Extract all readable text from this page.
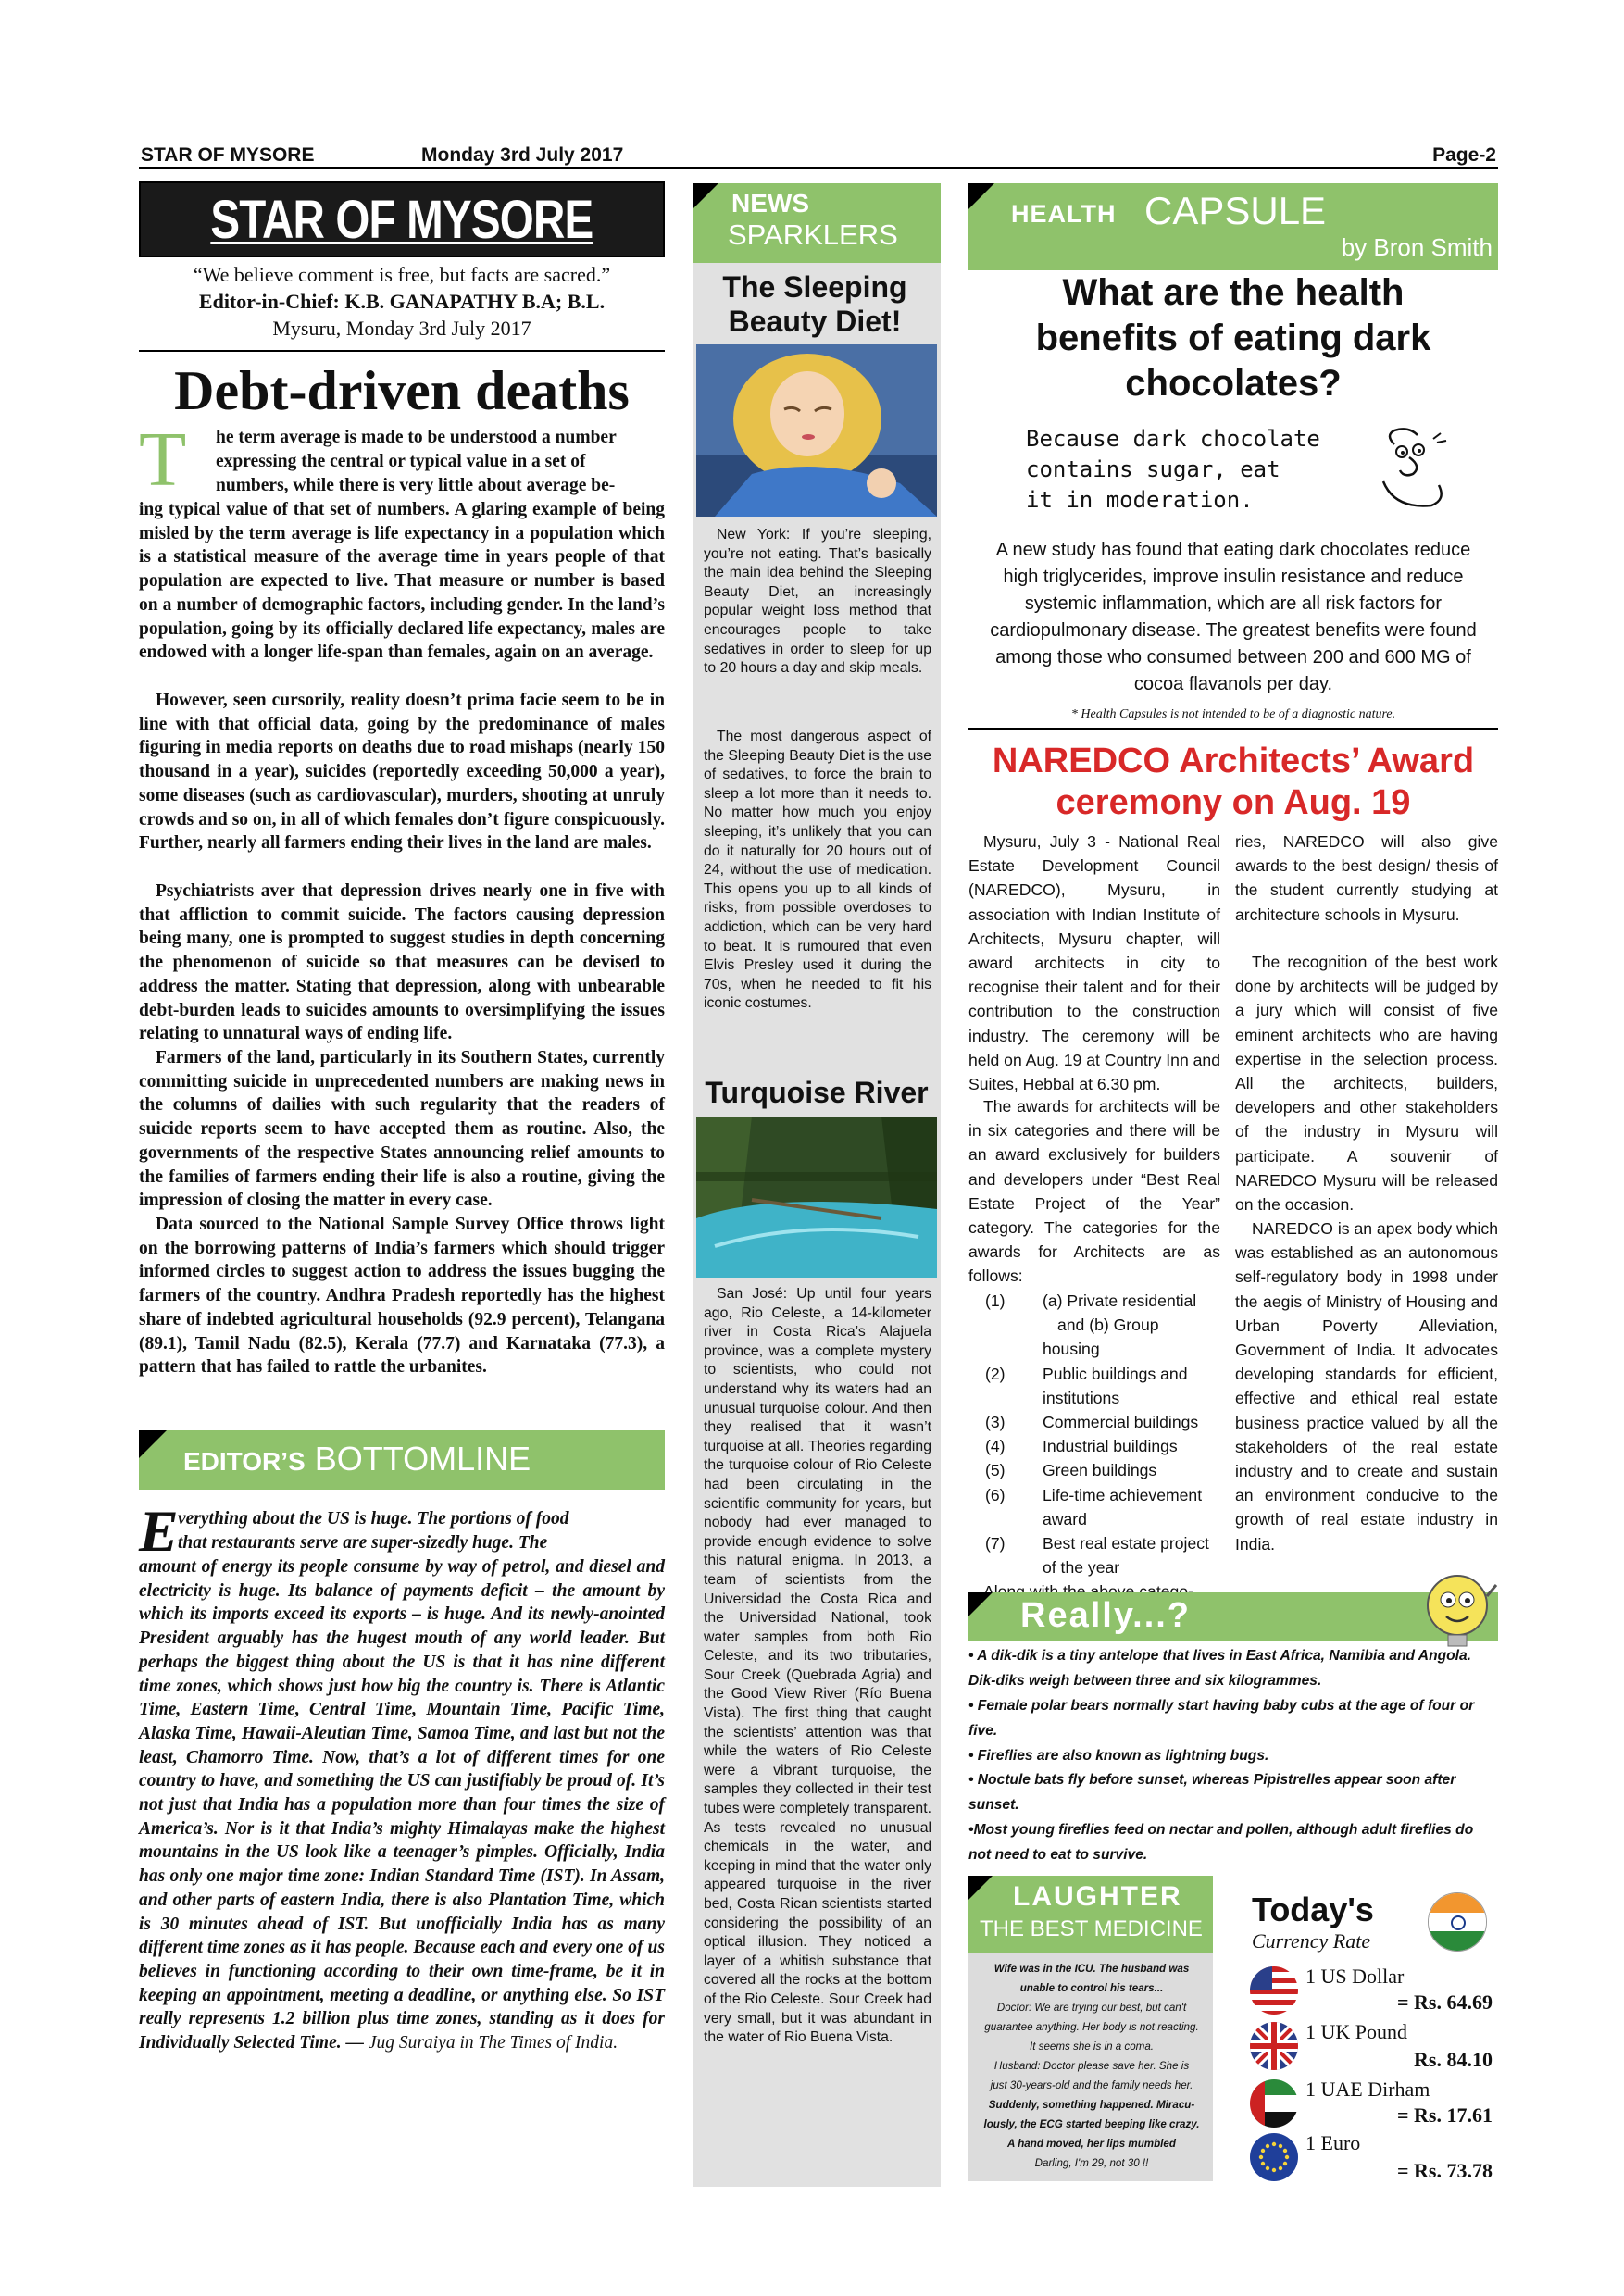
STAR OF MYSORE	Monday 3rd July 2017	Page-2
STAR OF MYSORE
“We believe comment is free, but facts are sacred.”
Editor-in-Chief: K.B. GANAPATHY B.A; B.L.
Mysuru, Monday 3rd July 2017
Debt-driven deaths
T he term average is made to be understood a number
expressing the central or typical value in a set of
numbers, while there is very little about average be-

ing typical value of that set of numbers. A glaring example of being misled by the term average is life expectancy in a population which is a statistical measure of the average time in years people of that population are expected to live. That measure or number is based on a number of demographic factors, including gender. In the land’s population, going by its officially declared life expectancy, males are endowed with a longer life-span than females, again on an average.

However, seen cursorily, reality doesn’t prima facie seem to be in line with that official data, going by the predominance of males figuring in media reports on deaths due to road mishaps (nearly 150 thousand in a year), suicides (reportedly exceeding 50,000 a year), some diseases (such as cardiovascular), murders, shooting at unruly crowds and so on, in all of which females don’t figure conspicuously. Further, nearly all farmers ending their lives in the land are males.

Psychiatrists aver that depression drives nearly one in five with that affliction to commit suicide. The factors causing depression being many, one is prompted to suggest studies in depth concerning the phenomenon of suicide so that measures can be devised to address the matter. Stating that depression, along with unbearable debt-burden leads to suicides amounts to oversimplifying the issues relating to unnatural ways of ending life.

Farmers of the land, particularly in its Southern States, currently committing suicide in unprecedented numbers are making news in the columns of dailies with such regularity that the readers of suicide reports seem to have accepted them as routine. Also, the governments of the respective States announcing relief amounts to the families of farmers ending their life is also a routine, giving the impression of closing the matter in every case.

Data sourced to the National Sample Survey Office throws light on the borrowing patterns of India’s farmers which should trigger informed circles to suggest action to address the issues bugging the farmers of the country. Andhra Pradesh reportedly has the highest share of indebted agricultural households (92.9 percent), Telangana (89.1), Tamil Nadu (82.5), Kerala (77.7) and Karnataka (77.3), a pattern that has failed to rattle the urbanites.

EDITOR’S BOTTOMLINE
E verything about the US is huge. The portions of food
that restaurants serve are super-sizedly huge. The

amount of energy its people consume by way of petrol, and diesel and electricity is huge. Its balance of payments deficit – the amount by which its imports exceed its exports – is huge. And its newly-anointed President arguably has the hugest mouth of any world leader. But perhaps the biggest thing about the US is that it has nine different time zones, which shows just how big the country is. There is Atlantic Time, Eastern Time, Central Time, Mountain Time, Pacific Time, Alaska Time, Hawaii-Aleutian Time, Samoa Time, and last but not the least, Chamorro Time. Now, that’s a lot of different times for one country to have, and something the US can justifiably be proud of. It’s not just that India has a population more than four times the size of America’s. Nor is it that India’s mighty Himalayas make the highest mountains in the US look like a teenager’s pimples. Officially, India has only one major time zone: Indian Standard Time (IST). In Assam, and other parts of eastern India, there is also Plantation Time, which is 30 minutes ahead of IST. But unofficially India has as many different time zones as it has people. Because each and every one of us believes in functioning according to their own time-frame, be it in keeping an appointment, meeting a deadline, or anything else. So IST really represents 1.2 billion plus time zones, standing as it does for Individually Selected Time. — Jug Suraiya in The Times of India.

NEWS
SPARKLERS
The Sleeping Beauty Diet!

New York: If you’re sleeping, you’re not eating. That’s basically the main idea behind the Sleeping Beauty Diet, an increasingly popular weight loss method that encourages people to take sedatives in order to sleep for up to 20 hours a day and skip meals.

The most dangerous aspect of the Sleeping Beauty Diet is the use of sedatives, to force the brain to sleep a lot more than it needs to. No matter how much you enjoy sleeping, it’s unlikely that you can do it naturally for 20 hours out of 24, without the use of medication. This opens you up to all kinds of risks, from possible overdoses to addiction, which can be very hard to beat. It is rumoured that even Elvis Presley used it during the 70s, when he needed to fit his iconic costumes.

Turquoise River

San José: Up until four years ago, Rio Celeste, a 14-kilometer river in Costa Rica’s Alajuela province, was a complete mystery to scientists, who could not understand why its waters had an unusual turquoise colour. And then they realised that it wasn’t turquoise at all. Theories regarding the turquoise colour of Rio Celeste had been circulating in the scientific community for years, but nobody had ever managed to provide enough evidence to solve this natural enigma. In 2013, a team of scientists from the Universidad the Costa Rica and the Universidad National, took water samples from both Rio Celeste, and its two tributaries, Sour Creek (Quebrada Agria) and the Good View River (Río Buena Vista). The first thing that caught the scientists’ attention was that while the waters of Rio Celeste were a vibrant turquoise, the samples they collected in their test tubes were completely transparent. As tests revealed no unusual chemicals in the water, and keeping in mind that the water only appeared turquoise in the river bed, Costa Rican scientists started considering the possibility of an optical illusion. They noticed a layer of a whitish substance that covered all the rocks at the bottom of the Rio Celeste. Sour Creek had very small, but it was abundant in the water of Rio Buena Vista.

HEALTH CAPSULE
by Bron Smith
What are the health benefits of eating dark chocolates?
Because dark chocolate
contains sugar, eat
it in moderation.
A new study has found that eating dark chocolates reduce high triglycerides, improve insulin resistance and reduce systemic inflammation, which are all risk factors for cardiopulmonary disease. The greatest benefits were found among those who consumed between 200 and 600 MG of cocoa flavanols per day.
* Health Capsules is not intended to be of a diagnostic nature.
NAREDCO Architects’ Award ceremony on Aug. 19

Mysuru, July 3 - National Real Estate Development Council (NAREDCO), Mysuru, in association with Indian Institute of Architects, Mysuru chapter, will award architects in city to recognise their talent and for their contribution to the construction industry. The ceremony will be held on Aug. 19 at Country Inn and Suites, Hebbal at 6.30 pm.

The awards for architects will be in six categories and there will be an award exclusively for builders and developers under “Best Real Estate Project of the Year” category. The categories for the awards for Architects are as follows:

(1)	(a) Private residential
and (b) Group housing
(2)	Public buildings and
institutions
(3)	Commercial buildings
(4)	Industrial buildings
(5)	Green buildings
(6)	Life-time achievement
award
(7)	Best real estate project
of the year

ries, NAREDCO will also give awards to the best design/ thesis of the student currently studying at architecture schools in Mysuru.

The recognition of the best work done by architects will be judged by a jury which will consist of five eminent architects who are having expertise in the selection process. All the architects, builders, developers and other stakeholders of the industry in Mysuru will participate. A souvenir of NAREDCO Mysuru will be released on the occasion.

NAREDCO is an apex body which was established as an autonomous self-regulatory body in 1998 under the aegis of Ministry of Housing and Urban Poverty Alleviation, Government of India. It advocates developing standards for efficient, effective and ethical real estate business practice valued by all the stakeholders of the real estate industry and to create and sustain an environment conducive to the growth of real estate industry in India.

Really...?
• A dik-dik is a tiny antelope that lives in East Africa, Namibia and Angola. Dik-diks weigh between three and six kilogrammes.
• Female polar bears normally start having baby cubs at the age of four or five.
• Fireflies are also known as lightning bugs.
• Noctule bats fly before sunset, whereas Pipistrelles appear soon after sunset.
•Most young fireflies feed on nectar and pollen, although adult fireflies do not need to eat to survive.
LAUGHTER
THE BEST MEDICINE
Wife was in the ICU. The husband was
unable to control his tears...
Doctor: We are trying our best, but can't
guarantee anything. Her body is not reacting.
It seems she is in a coma.
Husband: Doctor please save her. She is
just 30-years-old and the family needs her.
Suddenly, something happened. Miracu-
lously, the ECG started beeping like crazy.
A hand moved, her lips mumbled
Darling, I'm 29, not 30 !!
Today's
Currency Rate
1 US Dollar
= Rs. 64.69
1 UK Pound
Rs. 84.10
1 UAE Dirham
= Rs. 17.61
1 Euro
= Rs. 73.78
